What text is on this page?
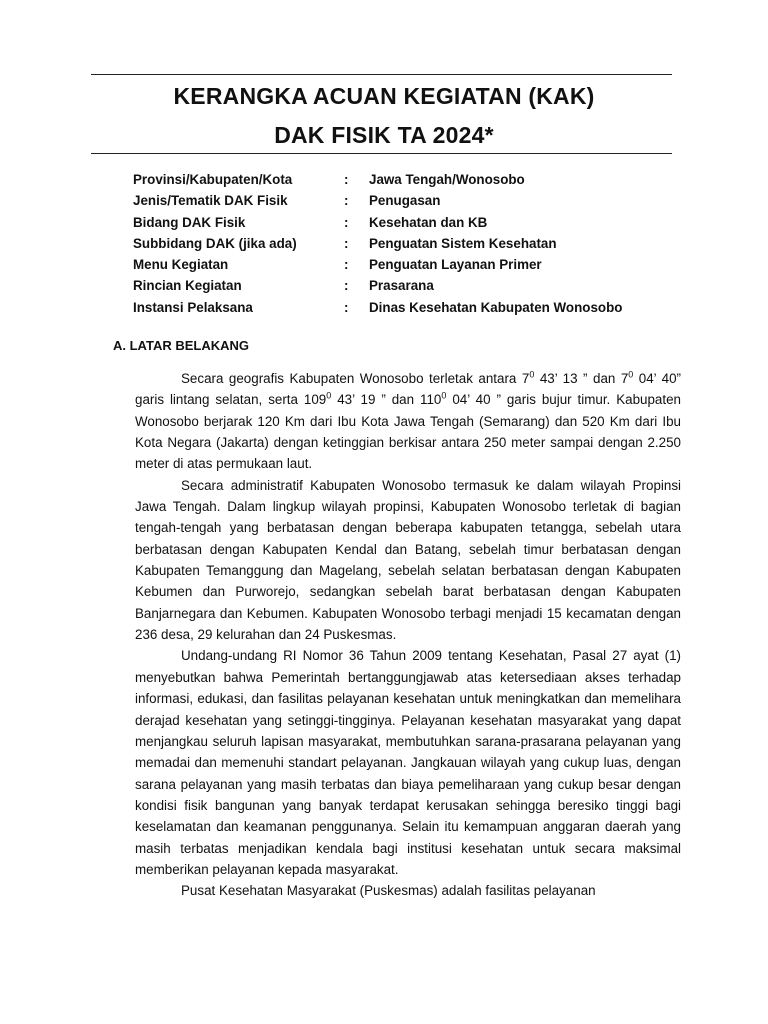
KERANGKA ACUAN KEGIATAN (KAK)
DAK FISIK TA 2024*
Provinsi/Kabupaten/Kota	: Jawa Tengah/Wonosobo
Jenis/Tematik DAK Fisik	: Penugasan
Bidang DAK Fisik	: Kesehatan dan KB
Subbidang DAK (jika ada)	: Penguatan Sistem Kesehatan
Menu Kegiatan	: Penguatan Layanan Primer
Rincian Kegiatan	: Prasarana
Instansi Pelaksana	: Dinas Kesehatan Kabupaten Wonosobo
A. LATAR BELAKANG

Secara geografis Kabupaten Wonosobo terletak antara $7^0$ 43’ 13 ” dan $7^0$ 04’ 40” garis lintang selatan, serta $109^0$ 43’ 19 ” dan $110^0$ 04’ 40 ” garis bujur timur. Kabupaten Wonosobo berjarak 120 Km dari Ibu Kota Jawa Tengah (Semarang) dan 520 Km dari Ibu Kota Negara (Jakarta) dengan ketinggian berkisar antara 250 meter sampai dengan 2.250 meter di atas permukaan laut.

Secara administratif Kabupaten Wonosobo termasuk ke dalam wilayah Propinsi Jawa Tengah. Dalam lingkup wilayah propinsi, Kabupaten Wonosobo terletak di bagian tengah-tengah yang berbatasan dengan beberapa kabupaten tetangga, sebelah utara berbatasan dengan Kabupaten Kendal dan Batang, sebelah timur berbatasan dengan Kabupaten Temanggung dan Magelang, sebelah selatan berbatasan dengan Kabupaten Kebumen dan Purworejo, sedangkan sebelah barat berbatasan dengan Kabupaten Banjarnegara dan Kebumen. Kabupaten Wonosobo terbagi menjadi 15 kecamatan dengan 236 desa, 29 kelurahan dan 24 Puskesmas.

Undang-undang RI Nomor 36 Tahun 2009 tentang Kesehatan, Pasal 27 ayat (1) menyebutkan bahwa Pemerintah bertanggungjawab atas ketersediaan akses terhadap informasi, edukasi, dan fasilitas pelayanan kesehatan untuk meningkatkan dan memelihara derajad kesehatan yang setinggi-tingginya. Pelayanan kesehatan masyarakat yang dapat menjangkau seluruh lapisan masyarakat, membutuhkan sarana-prasarana pelayanan yang memadai dan memenuhi standart pelayanan. Jangkauan wilayah yang cukup luas, dengan sarana pelayanan yang masih terbatas dan biaya pemeliharaan yang cukup besar dengan kondisi fisik bangunan yang banyak terdapat kerusakan sehingga beresiko tinggi bagi keselamatan dan keamanan penggunanya. Selain itu kemampuan anggaran daerah yang masih terbatas menjadikan kendala bagi institusi kesehatan untuk secara maksimal memberikan pelayanan kepada masyarakat.

Pusat Kesehatan Masyarakat (Puskesmas) adalah fasilitas pelayanan
